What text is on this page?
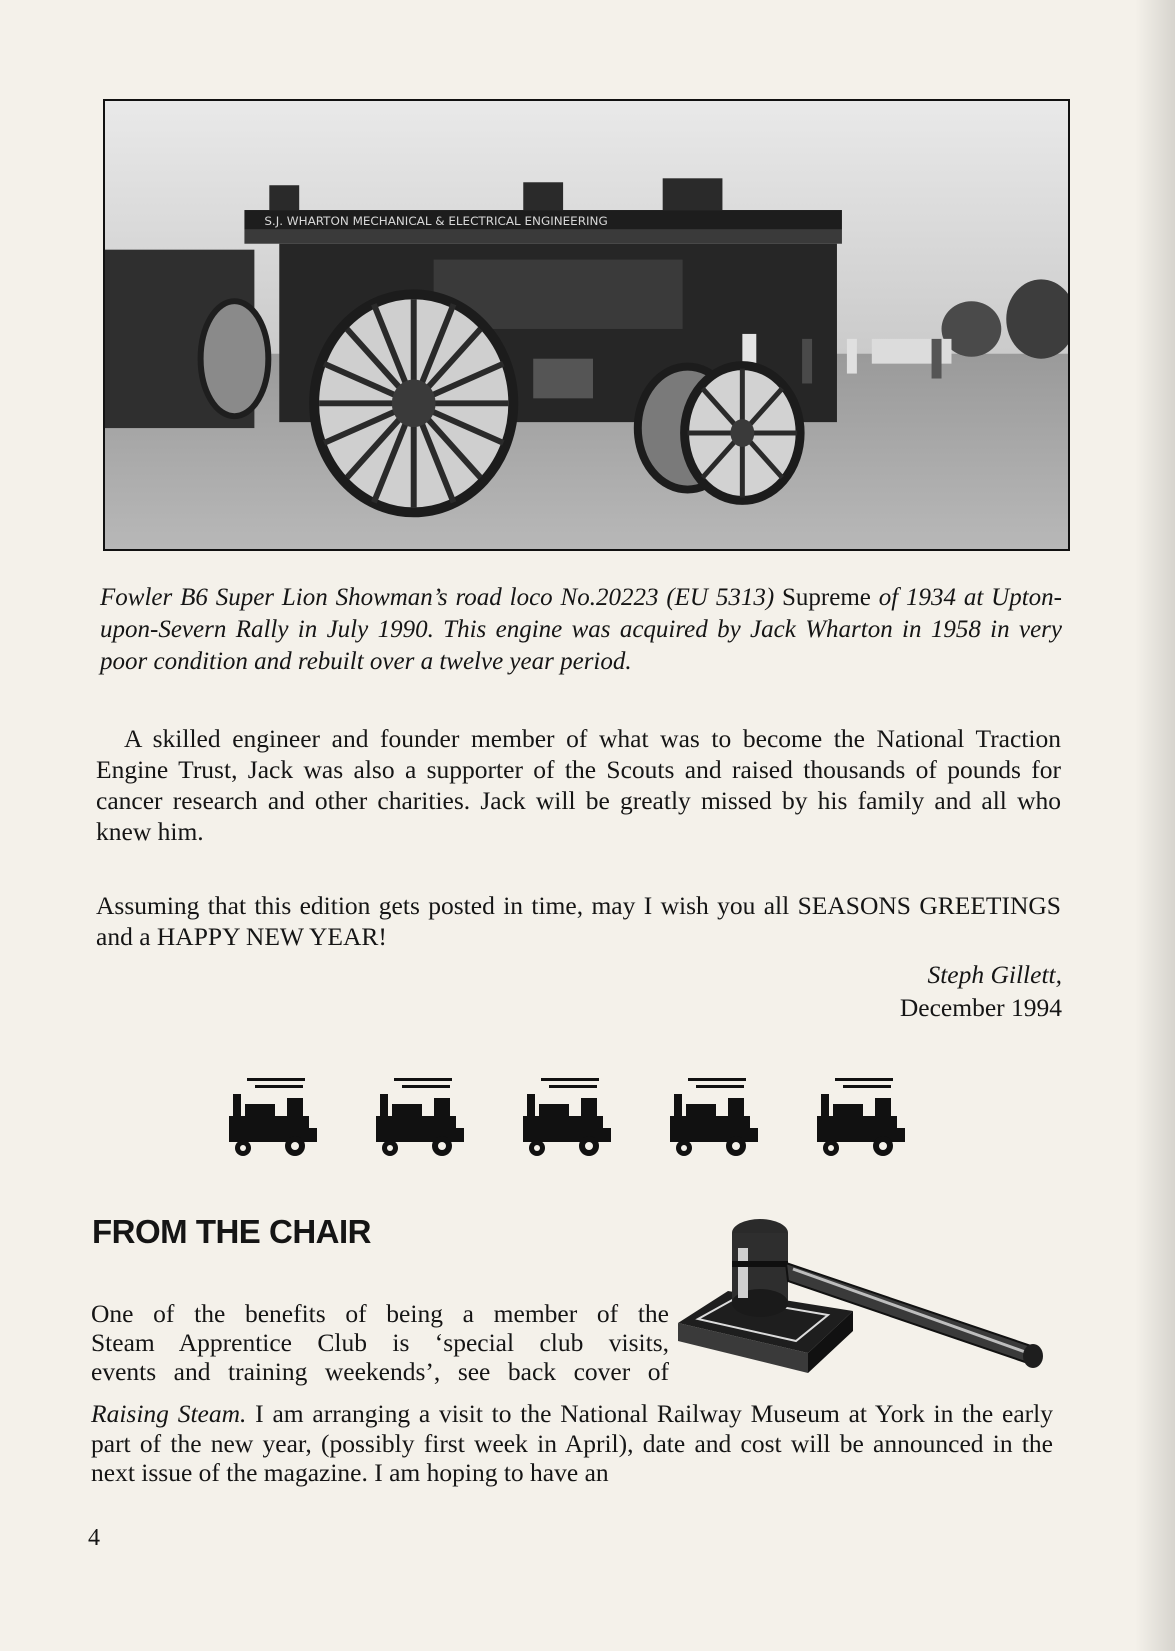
S.J. WHARTON MECHANICAL & ELECTRICAL ENGINEERING
Fowler B6 Super Lion Showman’s road loco No.20223 (EU 5313) Supreme of 1934 at Upton-upon-Severn Rally in July 1990. This engine was acquired by Jack Wharton in 1958 in very poor condition and rebuilt over a twelve year period.
A skilled engineer and founder member of what was to become the National Traction Engine Trust, Jack was also a supporter of the Scouts and raised thousands of pounds for cancer research and other charities. Jack will be greatly missed by his family and all who knew him.
Assuming that this edition gets posted in time, may I wish you all SEASONS GREETINGS and a HAPPY NEW YEAR!
Steph Gillett,
December 1994
FROM THE CHAIR
One of the benefits of being a member of the
Steam Apprentice Club is ‘special club visits,
events and training weekends’, see back cover of
Raising Steam. I am arranging a visit to the National Railway Museum at York in the early part of the new year, (possibly first week in April), date and cost will be announced in the next issue of the magazine. I am hoping to have an
4
